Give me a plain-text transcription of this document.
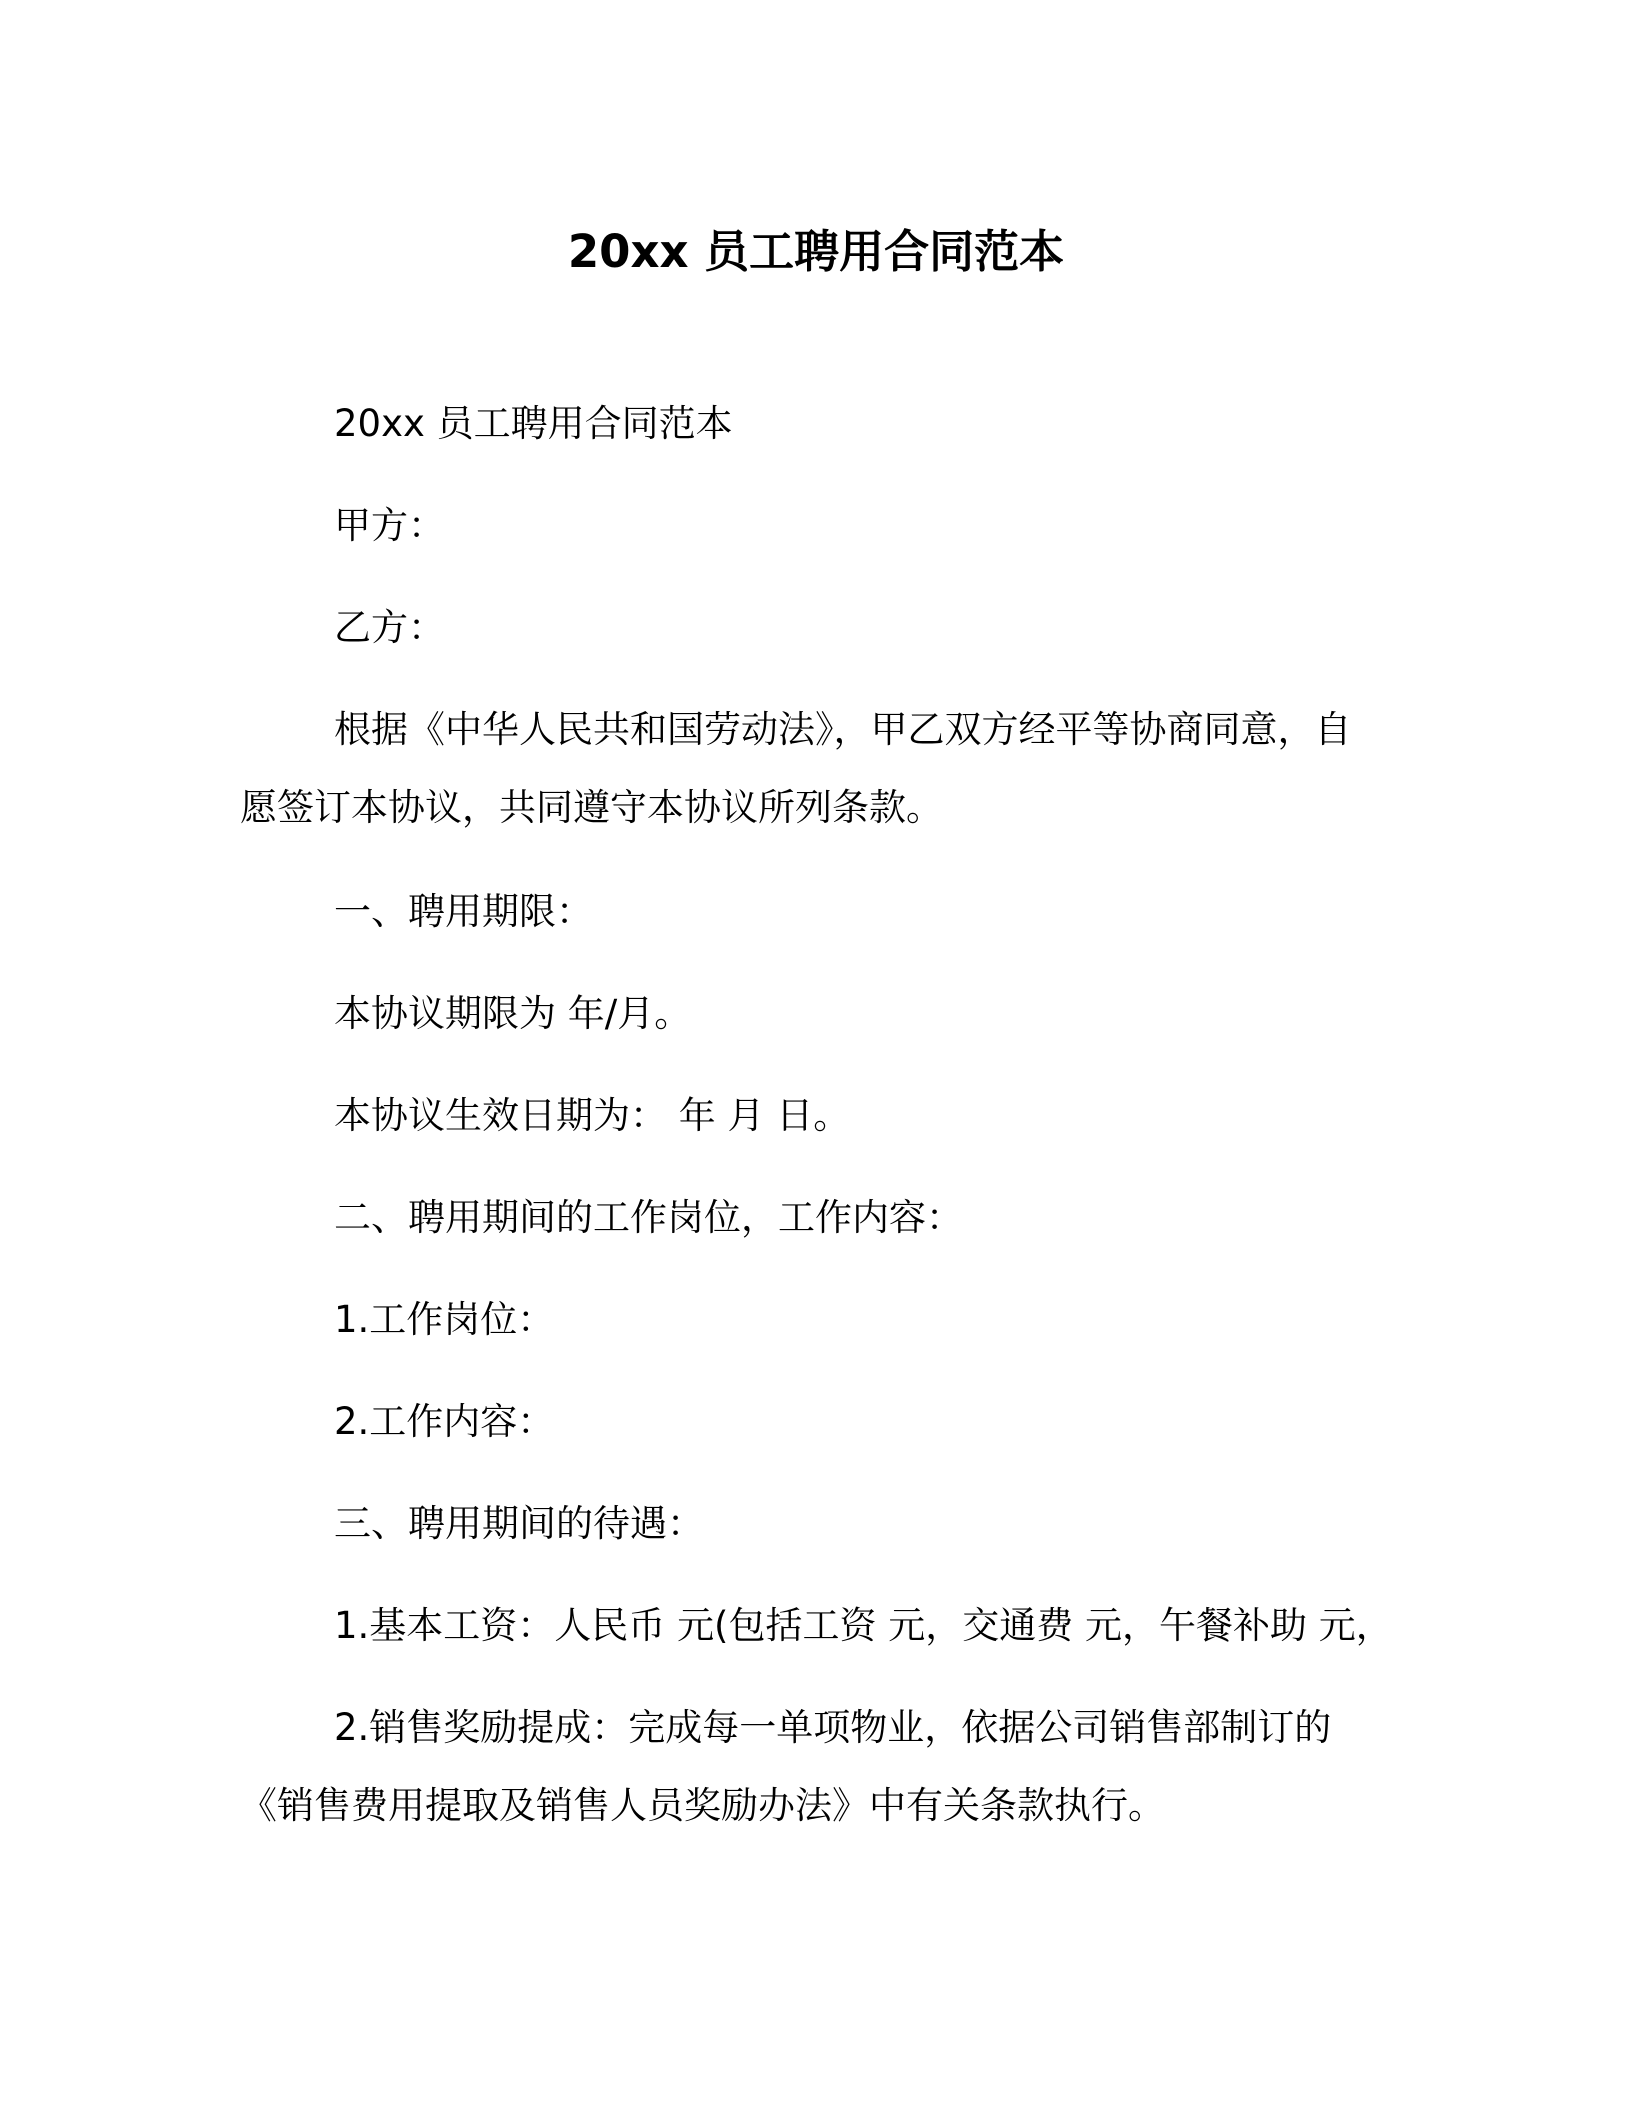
20xx 员工聘用合同范本

20xx 员工聘用合同范本

甲方：

乙方：

根据《中华人民共和国劳动法》，甲乙双方经平等协商同意，自

愿签订本协议，共同遵守本协议所列条款。

一、聘用期限：

本协议期限为 年/月。

本协议生效日期为： 年 月 日。

二、聘用期间的工作岗位，工作内容：

1.工作岗位：

2.工作内容：

三、聘用期间的待遇：

1.基本工资：人民币 元(包括工资 元，交通费 元，午餐补助 元，

2.销售奖励提成：完成每一单项物业，依据公司销售部制订的

《销售费用提取及销售人员奖励办法》中有关条款执行。
